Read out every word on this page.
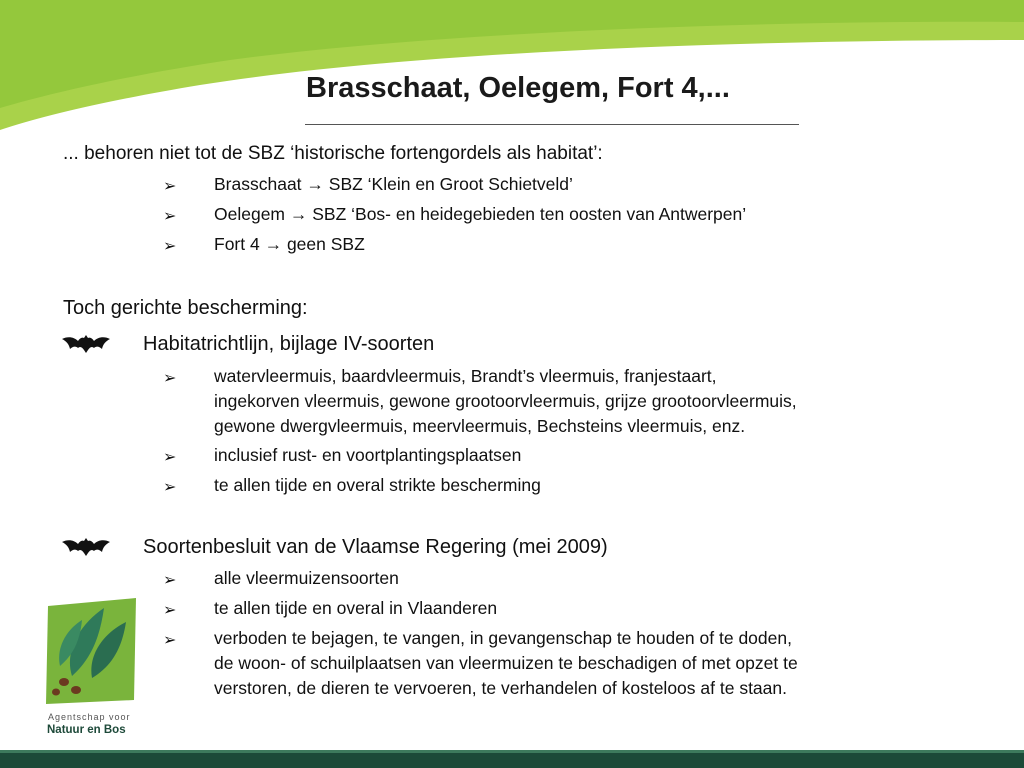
Brasschaat, Oelegem, Fort 4,...
... behoren niet tot de SBZ ‘historische fortengordels als habitat’:
➢ Brasschaat → SBZ ‘Klein en Groot Schietveld’
➢ Oelegem → SBZ ‘Bos- en heidegebieden ten oosten van Antwerpen’
➢ Fort 4 → geen SBZ
Toch gerichte bescherming:
Habitatrichtlijn, bijlage IV-soorten
➢ watervleermuis, baardvleermuis, Brandt’s vleermuis, franjestaart,
ingekorven vleermuis, gewone grootoorvleermuis, grijze grootoorvleermuis,
gewone dwergvleermuis, meervleermuis, Bechsteins vleermuis, enz.
➢ inclusief rust- en voortplantingsplaatsen
➢ te allen tijde en overal strikte bescherming
Soortenbesluit van de Vlaamse Regering (mei 2009)
➢ alle vleermuizensoorten
➢ te allen tijde en overal in Vlaanderen
➢ verboden te bejagen, te vangen, in gevangenschap te houden of te doden,
de woon- of schuilplaatsen van vleermuizen te beschadigen of met opzet te
verstoren, de dieren te vervoeren, te verhandelen of kosteloos af te staan.
Agentschap voor
Natuur en Bos
